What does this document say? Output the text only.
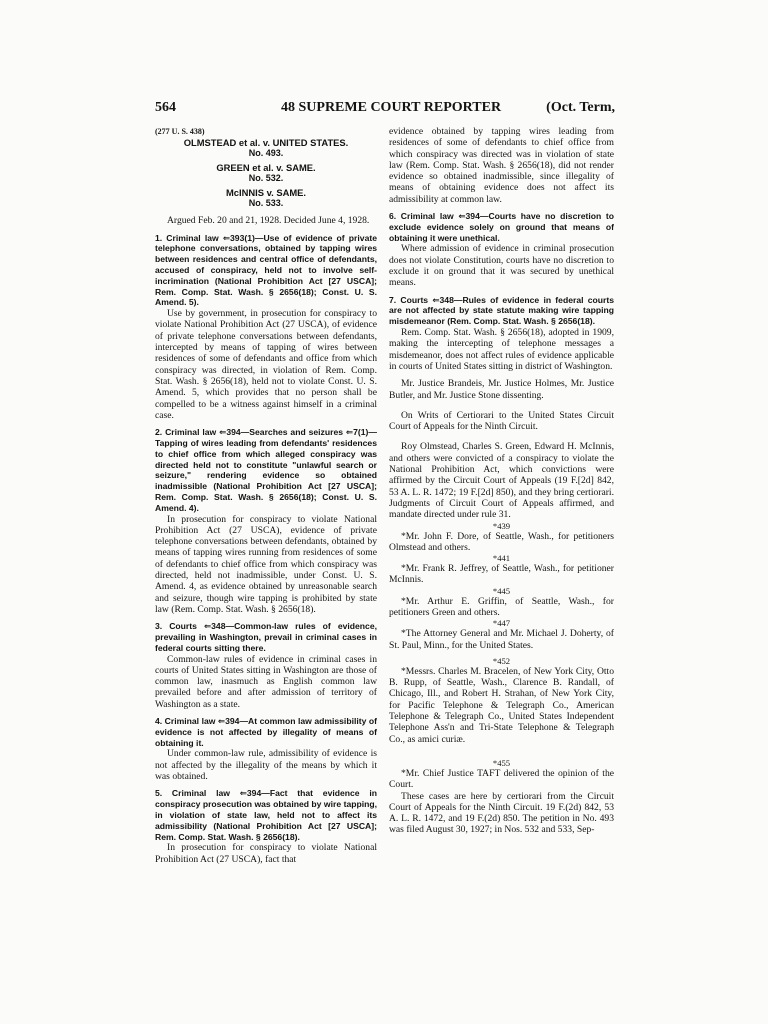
564	48 SUPREME COURT REPORTER	(Oct. Term,
(277 U. S. 438)
OLMSTEAD et al. v. UNITED STATES.
No. 493.
GREEN et al. v. SAME.
No. 532.
McINNIS v. SAME.
No. 533.
Argued Feb. 20 and 21, 1928. Decided June 4, 1928.
1. Criminal law ⇐393(1)—Use of evidence of private telephone conversations, obtained by tapping wires between residences and central office of defendants, accused of conspiracy, held not to involve self-incrimination (National Prohibition Act [27 USCA]; Rem. Comp. Stat. Wash. § 2656(18); Const. U. S. Amend. 5).
Use by government, in prosecution for conspiracy to violate National Prohibition Act (27 USCA), of evidence of private telephone conversations between defendants, intercepted by means of tapping of wires between residences of some of defendants and office from which conspiracy was directed, in violation of Rem. Comp. Stat. Wash. § 2656(18), held not to violate Const. U. S. Amend. 5, which provides that no person shall be compelled to be a witness against himself in a criminal case.
2. Criminal law ⇐394—Searches and seizures ⇐7(1)—Tapping of wires leading from defendants' residences to chief office from which alleged conspiracy was directed held not to constitute "unlawful search or seizure," rendering evidence so obtained inadmissible (National Prohibition Act [27 USCA]; Rem. Comp. Stat. Wash. § 2656(18); Const. U. S. Amend. 4).
In prosecution for conspiracy to violate National Prohibition Act (27 USCA), evidence of private telephone conversations between defendants, obtained by means of tapping wires running from residences of some of defendants to chief office from which conspiracy was directed, held not inadmissible, under Const. U. S. Amend. 4, as evidence obtained by unreasonable search and seizure, though wire tapping is prohibited by state law (Rem. Comp. Stat. Wash. § 2656(18).
3. Courts ⇐348—Common-law rules of evidence, prevailing in Washington, prevail in criminal cases in federal courts sitting there.
Common-law rules of evidence in criminal cases in courts of United States sitting in Washington are those of common law, inasmuch as English common law prevailed before and after admission of territory of Washington as a state.
4. Criminal law ⇐394—At common law admissibility of evidence is not affected by illegality of means of obtaining it.
Under common-law rule, admissibility of evidence is not affected by the illegality of the means by which it was obtained.
5. Criminal law ⇐394—Fact that evidence in conspiracy prosecution was obtained by wire tapping, in violation of state law, held not to affect its admissibility (National Prohibition Act [27 USCA]; Rem. Comp. Stat. Wash. § 2656(18).
In prosecution for conspiracy to violate National Prohibition Act (27 USCA), fact that
evidence obtained by tapping wires leading from residences of some of defendants to chief office from which conspiracy was directed was in violation of state law (Rem. Comp. Stat. Wash. § 2656(18), did not render evidence so obtained inadmissible, since illegality of means of obtaining evidence does not affect its admissibility at common law.
6. Criminal law ⇐394—Courts have no discretion to exclude evidence solely on ground that means of obtaining it were unethical.
Where admission of evidence in criminal prosecution does not violate Constitution, courts have no discretion to exclude it on ground that it was secured by unethical means.
7. Courts ⇐348—Rules of evidence in federal courts are not affected by state statute making wire tapping misdemeanor (Rem. Comp. Stat. Wash. § 2656(18).
Rem. Comp. Stat. Wash. § 2656(18), adopted in 1909, making the intercepting of telephone messages a misdemeanor, does not affect rules of evidence applicable in courts of United States sitting in district of Washington.
Mr. Justice Brandeis, Mr. Justice Holmes, Mr. Justice Butler, and Mr. Justice Stone dissenting.
On Writs of Certiorari to the United States Circuit Court of Appeals for the Ninth Circuit.
Roy Olmstead, Charles S. Green, Edward H. McInnis, and others were convicted of a conspiracy to violate the National Prohibition Act, which convictions were affirmed by the Circuit Court of Appeals (19 F.[2d] 842, 53 A. L. R. 1472; 19 F.[2d] 850), and they bring certiorari. Judgments of Circuit Court of Appeals affirmed, and mandate directed under rule 31.
*439
*Mr. John F. Dore, of Seattle, Wash., for petitioners Olmstead and others.
*441
*Mr. Frank R. Jeffrey, of Seattle, Wash., for petitioner McInnis.
*445
*Mr. Arthur E. Griffin, of Seattle, Wash., for petitioners Green and others.
*447
*The Attorney General and Mr. Michael J. Doherty, of St. Paul, Minn., for the United States.
*452
*Messrs. Charles M. Bracelen, of New York City, Otto B. Rupp, of Seattle, Wash., Clarence B. Randall, of Chicago, Ill., and Robert H. Strahan, of New York City, for Pacific Telephone & Telegraph Co., American Telephone & Telegraph Co., United States Independent Telephone Ass'n and Tri-State Telephone & Telegraph Co., as amici curiæ.
*455
*Mr. Chief Justice TAFT delivered the opinion of the Court.
These cases are here by certiorari from the Circuit Court of Appeals for the Ninth Circuit. 19 F.(2d) 842, 53 A. L. R. 1472, and 19 F.(2d) 850. The petition in No. 493 was filed August 30, 1927; in Nos. 532 and 533, Sep-
